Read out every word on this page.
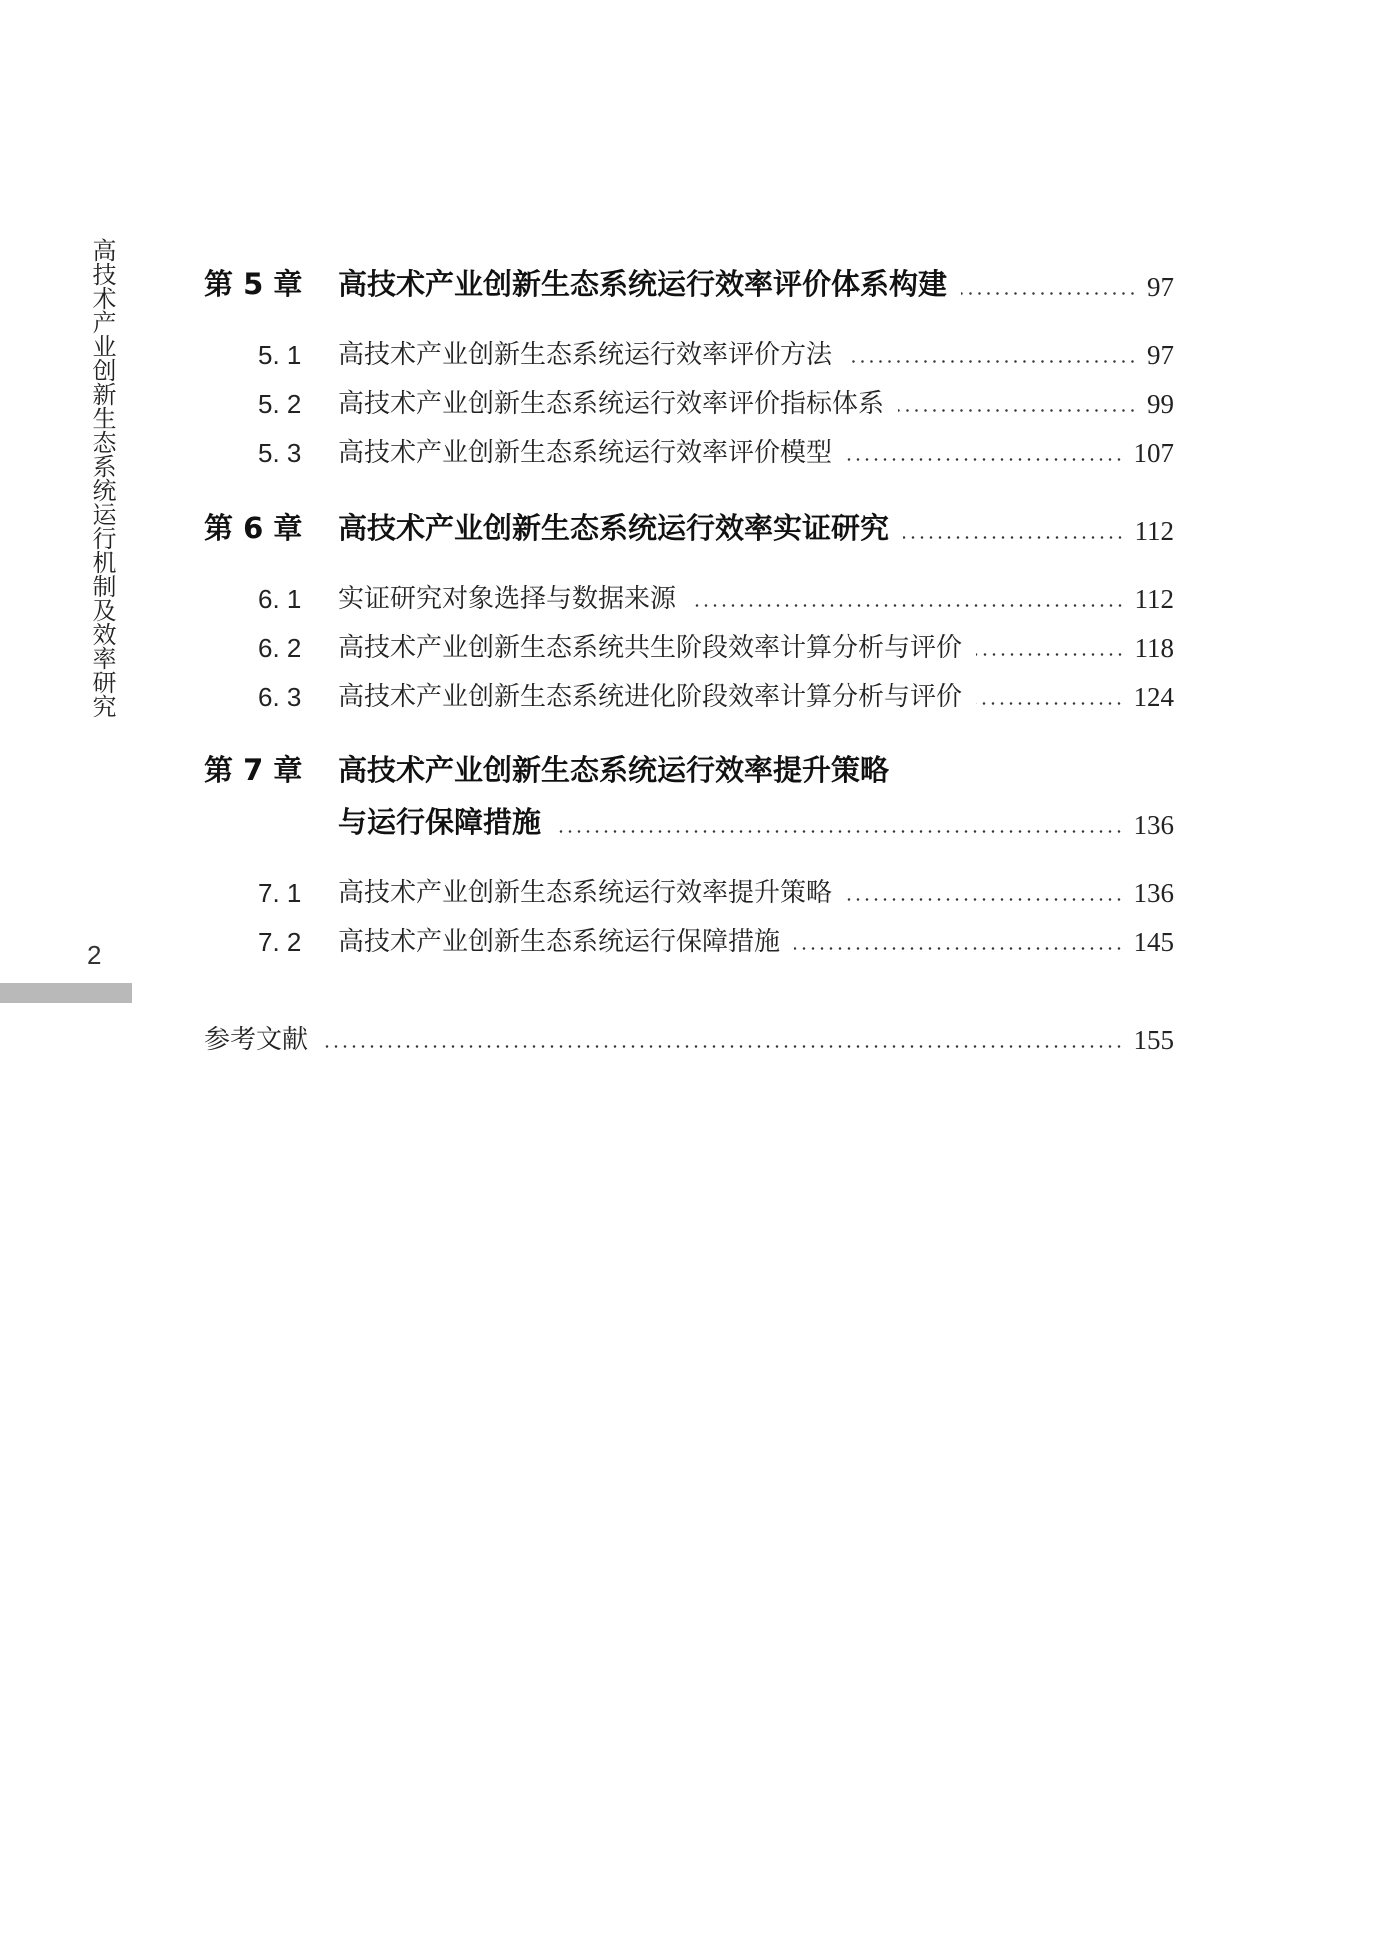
高技术产业创新生态系统运行机制及效率研究
2
第 5 章	高技术产业创新生态系统运行效率评价体系构建	97
5. 1	高技术产业创新生态系统运行效率评价方法	97
5. 2	高技术产业创新生态系统运行效率评价指标体系	99
5. 3	高技术产业创新生态系统运行效率评价模型	107
第 6 章	高技术产业创新生态系统运行效率实证研究	112
6. 1	实证研究对象选择与数据来源	112
6. 2	高技术产业创新生态系统共生阶段效率计算分析与评价	118
6. 3	高技术产业创新生态系统进化阶段效率计算分析与评价	124
第 7 章	高技术产业创新生态系统运行效率提升策略
与运行保障措施	136
7. 1	高技术产业创新生态系统运行效率提升策略	136
7. 2	高技术产业创新生态系统运行保障措施	145
参考文献	155
